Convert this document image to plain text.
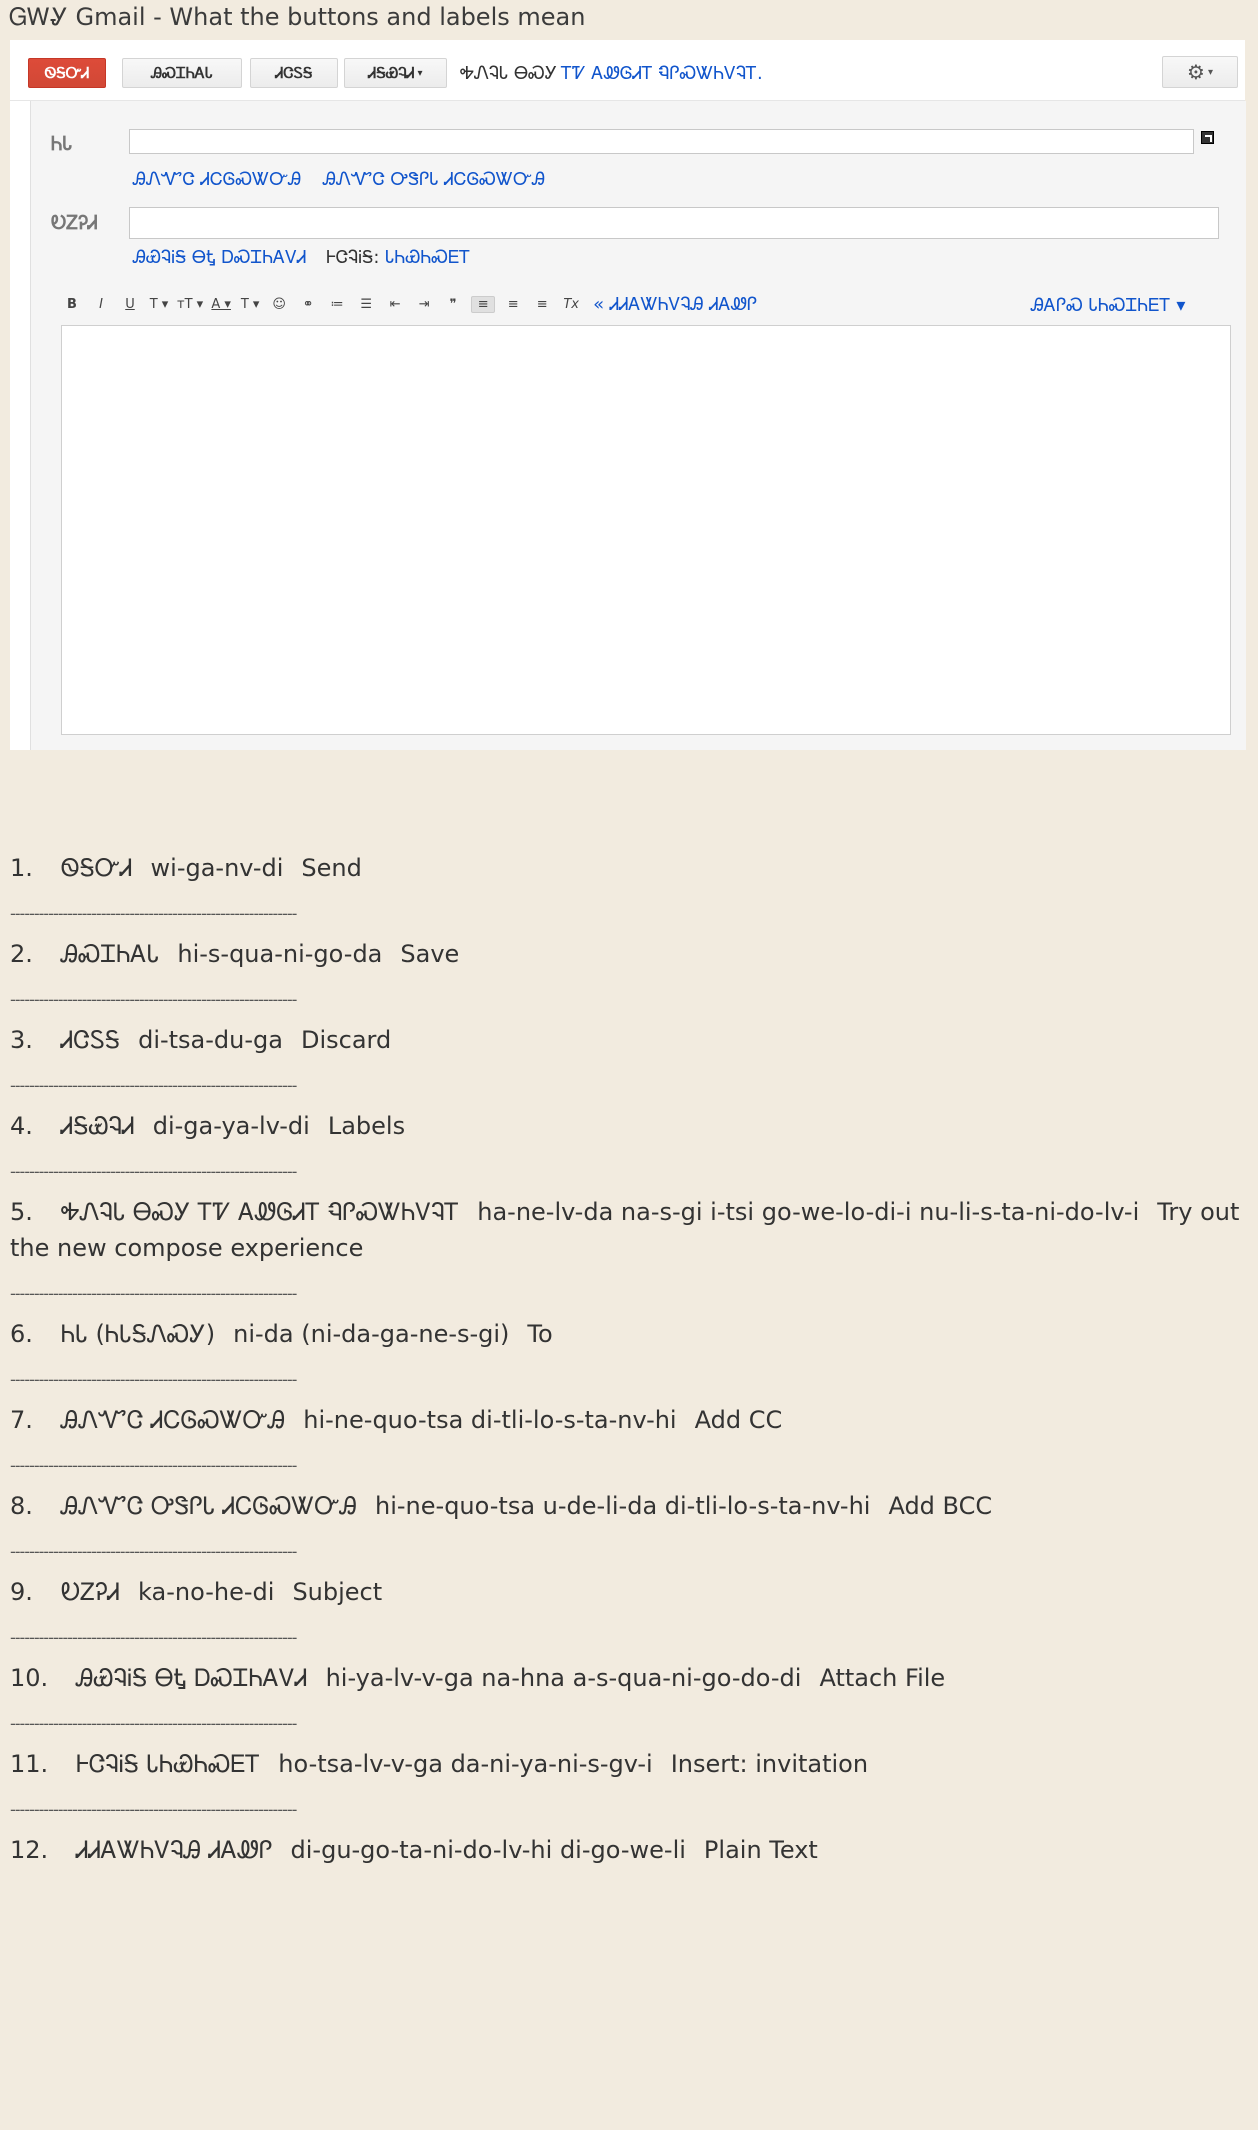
ᏀᎳᎽ Gmail - What the buttons and labels mean
ᏫᎦᏅᏗ	ᎯᏍᏆᏂᎪᏓ	ᏗᏣᏚᎦ	ᏗᎦᏯᎸᏗ ▾ ᎭᏁᎸᏓ ᎾᏍᎩ ᎢᏤ ᎪᏪᎶᏗᎢ ᏄᎵᏍᏔᏂᏙᎸᎢ.	⚙ ▾
ᏂᏓ
ᎯᏁᏉᏣ ᏗᏟᎶᏍᏔᏅᎯ ᎯᏁᏉᏣ ᎤᏕᎵᏓ ᏗᏟᎶᏍᏔᏅᎯ
ᎧᏃᎮᏗ
ᎯᏯᎸᎥᎦ ᎾᎿ ᎠᏍᏆᏂᎪᏙᏗ ᎰᏣᎸᎥᎦ: ᏓᏂᏯᏂᏍᎬᎢ
B	I	U	T ▾ тT ▾ A ▾ T ▾ ☺	⚭	≔	☰	⇤	⇥	❞	≡	≡	≡	Tx « ᏗᏗᎪᏔᏂᏙᎸᎯ ᏗᎪᏪᎵ	ᎯᎪᎵᏍ ᏓᏂᏍᏆᏂᎬᎢ ▾
1. ᏫᎦᏅᏗ wi-ga-nv-di Send
------------------------------------------------------------
2. ᎯᏍᏆᏂᎪᏓ hi-s-qua-ni-go-da Save
------------------------------------------------------------
3. ᏗᏣᏚᎦ di-tsa-du-ga Discard
------------------------------------------------------------
4. ᏗᎦᏯᎸᏗ di-ga-ya-lv-di Labels
------------------------------------------------------------
5. ᎭᏁᎸᏓ ᎾᏍᎩ ᎢᏤ ᎪᏪᎶᏗᎢ ᏄᎵᏍᏔᏂᏙᎸᎢ ha-ne-lv-da na-s-gi i-tsi go-we-lo-di-i nu-li-s-ta-ni-do-lv-i Try out the new compose experience
------------------------------------------------------------
6. ᏂᏓ (ᏂᏓᎦᏁᏍᎩ) ni-da (ni-da-ga-ne-s-gi) To
------------------------------------------------------------
7. ᎯᏁᏉᏣ ᏗᏟᎶᏍᏔᏅᎯ hi-ne-quo-tsa di-tli-lo-s-ta-nv-hi Add CC
------------------------------------------------------------
8. ᎯᏁᏉᏣ ᎤᏕᎵᏓ ᏗᏟᎶᏍᏔᏅᎯ hi-ne-quo-tsa u-de-li-da di-tli-lo-s-ta-nv-hi Add BCC
------------------------------------------------------------
9. ᎧᏃᎮᏗ ka-no-he-di Subject
------------------------------------------------------------
10. ᎯᏯᎸᎥᎦ ᎾᎿ ᎠᏍᏆᏂᎪᏙᏗ hi-ya-lv-v-ga na-hna a-s-qua-ni-go-do-di Attach File
------------------------------------------------------------
11. ᎰᏣᎸᎥᎦ ᏓᏂᏯᏂᏍᎬᎢ ho-tsa-lv-v-ga da-ni-ya-ni-s-gv-i Insert: invitation
------------------------------------------------------------
12. ᏗᏗᎪᏔᏂᏙᎸᎯ ᏗᎪᏪᎵ di-gu-go-ta-ni-do-lv-hi di-go-we-li Plain Text
